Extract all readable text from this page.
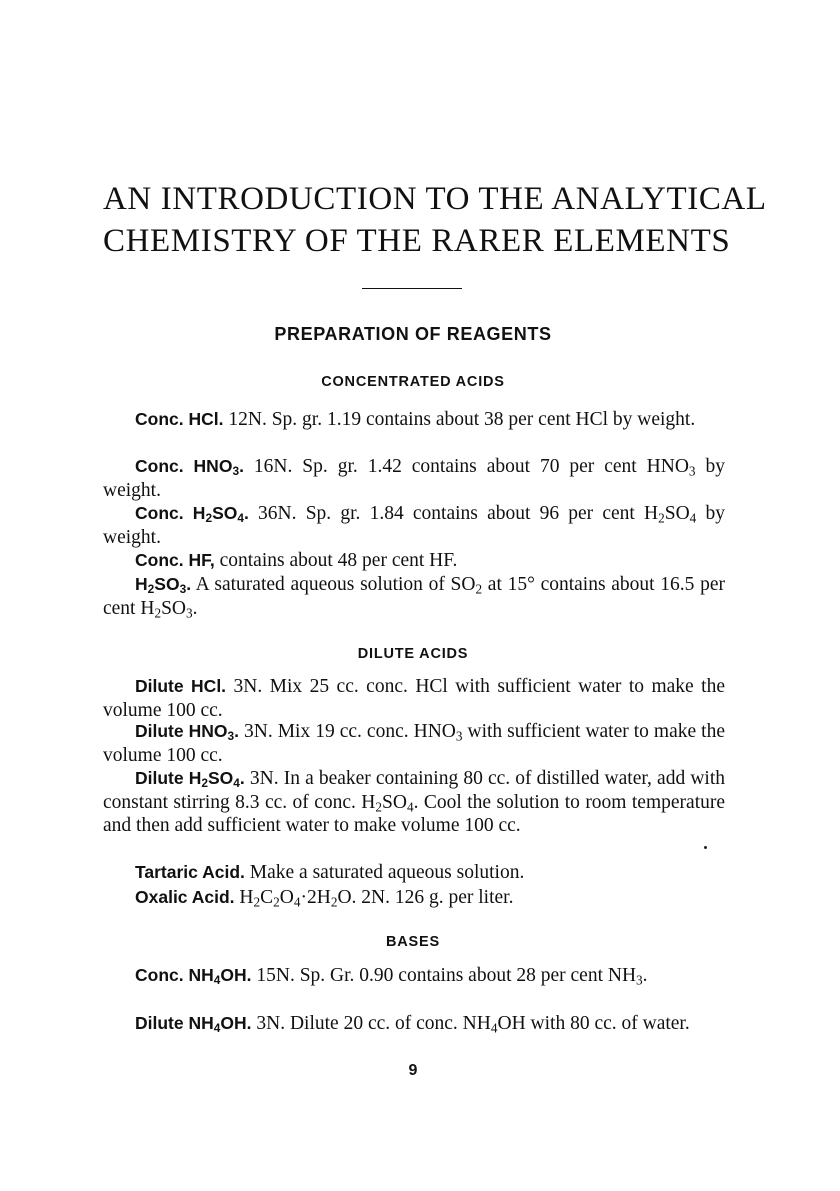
AN INTRODUCTION TO THE ANALYTICAL
CHEMISTRY OF THE RARER ELEMENTS
PREPARATION OF REAGENTS
CONCENTRATED ACIDS

Conc. HCl. 12N. Sp. gr. 1.19 contains about 38 per cent HCl by weight.

Conc. $HNO_3$. 16N. Sp. gr. 1.42 contains about 70 per cent $HNO_3$ by weight.

Conc. $H_2SO_4$. 36N. Sp. gr. 1.84 contains about 96 per cent $H_2SO_4$ by weight.

Conc. HF, contains about 48 per cent HF.

$H_2SO_3$. A saturated aqueous solution of $SO_2$ at 15° contains about 16.5 per cent $H_2SO_3$.

DILUTE ACIDS

Dilute HCl. 3N. Mix 25 cc. conc. HCl with sufficient water to make the volume 100 cc.

Dilute $HNO_3$. 3N. Mix 19 cc. conc. $HNO_3$ with sufficient water to make the volume 100 cc.

Dilute $H_2SO_4$. 3N. In a beaker containing 80 cc. of distilled water, add with constant stirring 8.3 cc. of conc. $H_2SO_4$. Cool the solution to room temperature and then add sufficient water to make volume 100 cc.

Tartaric Acid. Make a saturated aqueous solution.

Oxalic Acid. $H_2C_2O_4\cdot 2H_2O$. 2N. 126 g. per liter.

BASES

Conc. $NH_4OH$. 15N. Sp. Gr. 0.90 contains about 28 per cent $NH_3$.

Dilute $NH_4OH$. 3N. Dilute 20 cc. of conc. $NH_4OH$ with 80 cc. of water.

9
